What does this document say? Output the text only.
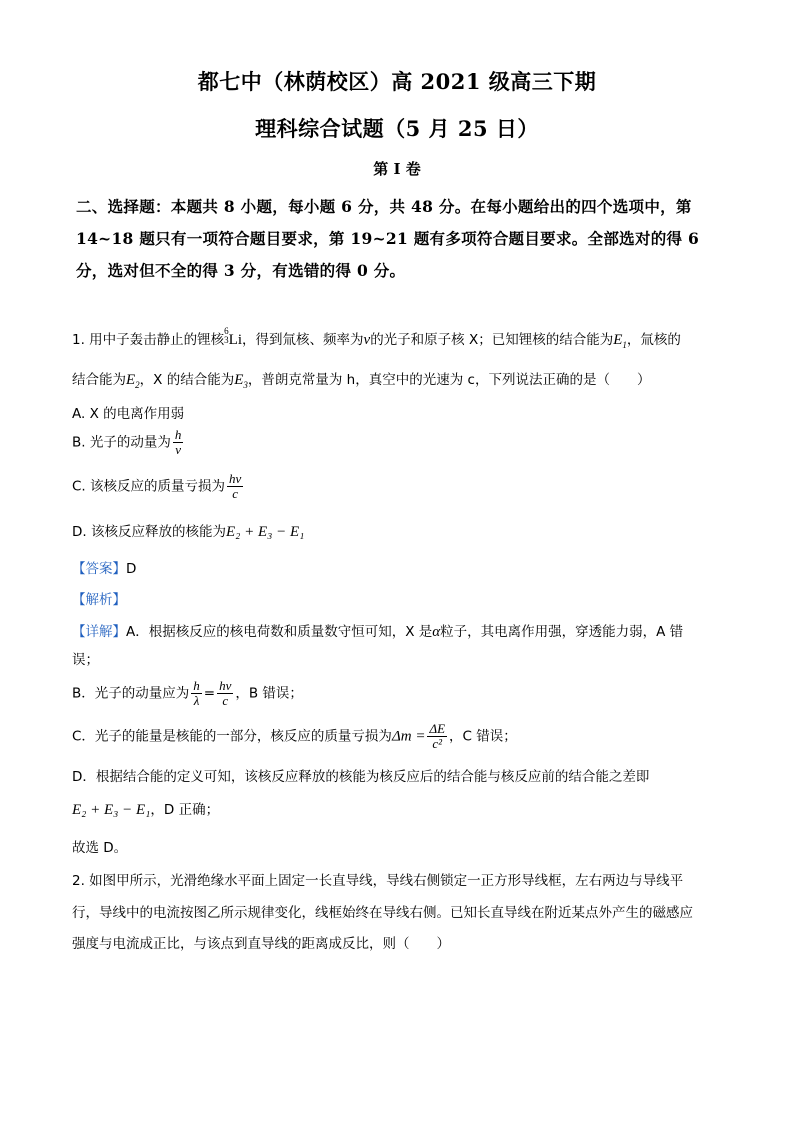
都七中（林荫校区）高 2021 级高三下期
理科综合试题（5 月 25 日）
第 I 卷
二、选择题：本题共 8 小题，每小题 6 分，共 48 分。在每小题给出的四个选项中，第 14~18 题只有一项符合题目要求，第 19~21 题有多项符合题目要求。全部选对的得 6 分，选对但不全的得 3 分，有选错的得 0 分。
1. 用中子轰击静止的锂核
6
3 Li，得到氚核、频率为ν的光子和原子核 X；已知锂核的结合能为$E_1$，氚核的
结合能为$E_2$，X 的结合能为$E_3$，普朗克常量为 h，真空中的光速为 c，下列说法正确的是（　　）
A. X 的电离作用弱
B. 光子的动量为 $\frac{h}{\nu}$
C. 该核反应的质量亏损为 $\frac{h\nu}{c}$
D. 该核反应释放的核能为E₂ + E₃ − E₁
【答案】D
【解析】
【详解】A．根据核反应的核电荷数和质量数守恒可知，X 是α粒子，其电离作用强，穿透能力弱，A 错
误；
B．光子的动量应为 $\frac{h}{\lambda} = \frac{h\nu}{c}$ ，B 错误；
C．光子的能量是核能的一部分，核反应的质量亏损为$\Delta m = \frac{\Delta E}{\text{c²}}$ ，C 错误；
D．根据结合能的定义可知，该核反应释放的核能为核反应后的结合能与核反应前的结合能之差即
E₂ + E₃ − E₁，D 正确；
故选 D。
2. 如图甲所示，光滑绝缘水平面上固定一长直导线，导线右侧锁定一正方形导线框，左右两边与导线平
行，导线中的电流按图乙所示规律变化，线框始终在导线右侧。已知长直导线在附近某点外产生的磁感应
强度与电流成正比，与该点到直导线的距离成反比，则（　　）
